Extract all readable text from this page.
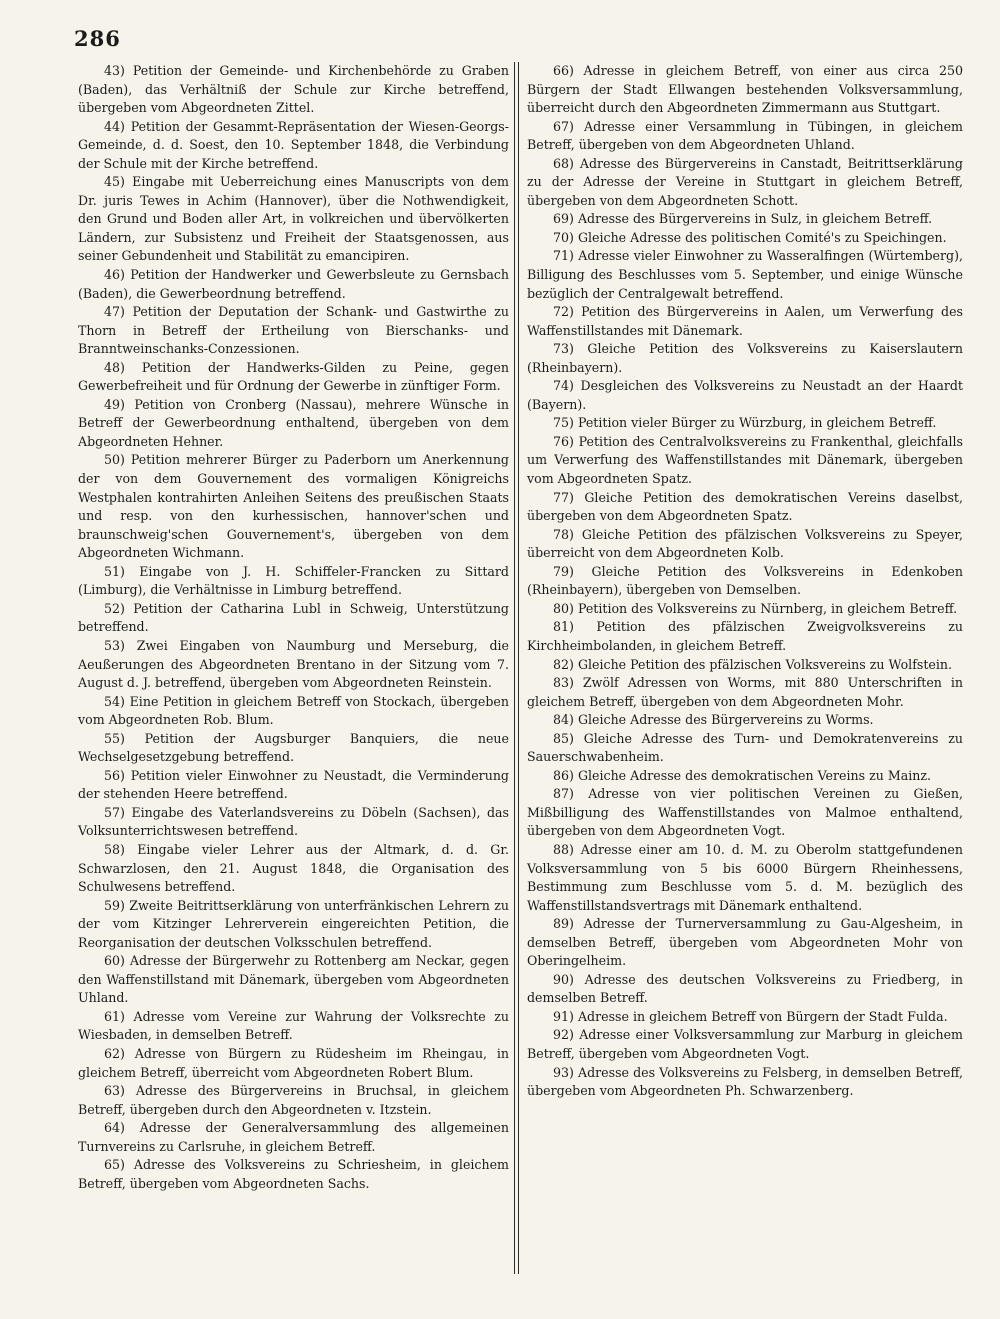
286

43) Petition der Gemeinde- und Kirchenbehörde zu Graben (Baden), das Verhältniß der Schule zur Kirche betreffend, übergeben vom Abgeordneten Zittel.

44) Petition der Gesammt-Repräsentation der Wiesen-Georgs-Gemeinde, d. d. Soest, den 10. September 1848, die Verbindung der Schule mit der Kirche betreffend.

45) Eingabe mit Ueberreichung eines Manuscripts von dem Dr. juris Tewes in Achim (Hannover), über die Nothwendigkeit, den Grund und Boden aller Art, in volkreichen und übervölkerten Ländern, zur Subsistenz und Freiheit der Staatsgenossen, aus seiner Gebundenheit und Stabilität zu emancipiren.

46) Petition der Handwerker und Gewerbsleute zu Gernsbach (Baden), die Gewerbeordnung betreffend.

47) Petition der Deputation der Schank- und Gastwirthe zu Thorn in Betreff der Ertheilung von Bierschanks- und Branntweinschanks-Conzessionen.

48) Petition der Handwerks-Gilden zu Peine, gegen Gewerbefreiheit und für Ordnung der Gewerbe in zünftiger Form.

49) Petition von Cronberg (Nassau), mehrere Wünsche in Betreff der Gewerbeordnung enthaltend, übergeben von dem Abgeordneten Hehner.

50) Petition mehrerer Bürger zu Paderborn um Anerkennung der von dem Gouvernement des vormaligen Königreichs Westphalen kontrahirten Anleihen Seitens des preußischen Staats und resp. von den kurhessischen, hannover'schen und braunschweig'schen Gouvernement's, übergeben von dem Abgeordneten Wichmann.

51) Eingabe von J. H. Schiffeler-Francken zu Sittard (Limburg), die Verhältnisse in Limburg betreffend.

52) Petition der Catharina Lubl in Schweig, Unterstützung betreffend.

53) Zwei Eingaben von Naumburg und Merseburg, die Aeußerungen des Abgeordneten Brentano in der Sitzung vom 7. August d. J. betreffend, übergeben vom Abgeordneten Reinstein.

54) Eine Petition in gleichem Betreff von Stockach, übergeben vom Abgeordneten Rob. Blum.

55) Petition der Augsburger Banquiers, die neue Wechselgesetzgebung betreffend.

56) Petition vieler Einwohner zu Neustadt, die Verminderung der stehenden Heere betreffend.

57) Eingabe des Vaterlandsvereins zu Döbeln (Sachsen), das Volksunterrichtswesen betreffend.

58) Eingabe vieler Lehrer aus der Altmark, d. d. Gr. Schwarzlosen, den 21. August 1848, die Organisation des Schulwesens betreffend.

59) Zweite Beitrittserklärung von unterfränkischen Lehrern zu der vom Kitzinger Lehrerverein eingereichten Petition, die Reorganisation der deutschen Volksschulen betreffend.

60) Adresse der Bürgerwehr zu Rottenberg am Neckar, gegen den Waffenstillstand mit Dänemark, übergeben vom Abgeordneten Uhland.

61) Adresse vom Vereine zur Wahrung der Volksrechte zu Wiesbaden, in demselben Betreff.

62) Adresse von Bürgern zu Rüdesheim im Rheingau, in gleichem Betreff, überreicht vom Abgeordneten Robert Blum.

63) Adresse des Bürgervereins in Bruchsal, in gleichem Betreff, übergeben durch den Abgeordneten v. Itzstein.

64) Adresse der Generalversammlung des allgemeinen Turnvereins zu Carlsruhe, in gleichem Betreff.

65) Adresse des Volksvereins zu Schriesheim, in gleichem Betreff, übergeben vom Abgeordneten Sachs.

66) Adresse in gleichem Betreff, von einer aus circa 250 Bürgern der Stadt Ellwangen bestehenden Volksversammlung, überreicht durch den Abgeordneten Zimmermann aus Stuttgart.

67) Adresse einer Versammlung in Tübingen, in gleichem Betreff, übergeben von dem Abgeordneten Uhland.

68) Adresse des Bürgervereins in Canstadt, Beitrittserklärung zu der Adresse der Vereine in Stuttgart in gleichem Betreff, übergeben von dem Abgeordneten Schott.

69) Adresse des Bürgervereins in Sulz, in gleichem Betreff.

70) Gleiche Adresse des politischen Comité's zu Speichingen.

71) Adresse vieler Einwohner zu Wasseralfingen (Würtemberg), Billigung des Beschlusses vom 5. September, und einige Wünsche bezüglich der Centralgewalt betreffend.

72) Petition des Bürgervereins in Aalen, um Verwerfung des Waffenstillstandes mit Dänemark.

73) Gleiche Petition des Volksvereins zu Kaiserslautern (Rheinbayern).

74) Desgleichen des Volksvereins zu Neustadt an der Haardt (Bayern).

75) Petition vieler Bürger zu Würzburg, in gleichem Betreff.

76) Petition des Centralvolksvereins zu Frankenthal, gleichfalls um Verwerfung des Waffenstillstandes mit Dänemark, übergeben vom Abgeordneten Spatz.

77) Gleiche Petition des demokratischen Vereins daselbst, übergeben von dem Abgeordneten Spatz.

78) Gleiche Petition des pfälzischen Volksvereins zu Speyer, überreicht von dem Abgeordneten Kolb.

79) Gleiche Petition des Volksvereins in Edenkoben (Rheinbayern), übergeben von Demselben.

80) Petition des Volksvereins zu Nürnberg, in gleichem Betreff.

81) Petition des pfälzischen Zweigvolksvereins zu Kirchheimbolanden, in gleichem Betreff.

82) Gleiche Petition des pfälzischen Volksvereins zu Wolfstein.

83) Zwölf Adressen von Worms, mit 880 Unterschriften in gleichem Betreff, übergeben von dem Abgeordneten Mohr.

84) Gleiche Adresse des Bürgervereins zu Worms.

85) Gleiche Adresse des Turn- und Demokratenvereins zu Sauerschwabenheim.

86) Gleiche Adresse des demokratischen Vereins zu Mainz.

87) Adresse von vier politischen Vereinen zu Gießen, Mißbilligung des Waffenstillstandes von Malmoe enthaltend, übergeben von dem Abgeordneten Vogt.

88) Adresse einer am 10. d. M. zu Oberolm stattgefundenen Volksversammlung von 5 bis 6000 Bürgern Rheinhessens, Bestimmung zum Beschlusse vom 5. d. M. bezüglich des Waffenstillstandsvertrags mit Dänemark enthaltend.

89) Adresse der Turnerversammlung zu Gau-Algesheim, in demselben Betreff, übergeben vom Abgeordneten Mohr von Oberingelheim.

90) Adresse des deutschen Volksvereins zu Friedberg, in demselben Betreff.

91) Adresse in gleichem Betreff von Bürgern der Stadt Fulda.

92) Adresse einer Volksversammlung zur Marburg in gleichem Betreff, übergeben vom Abgeordneten Vogt.

93) Adresse des Volksvereins zu Felsberg, in demselben Betreff, übergeben vom Abgeordneten Ph. Schwarzenberg.
